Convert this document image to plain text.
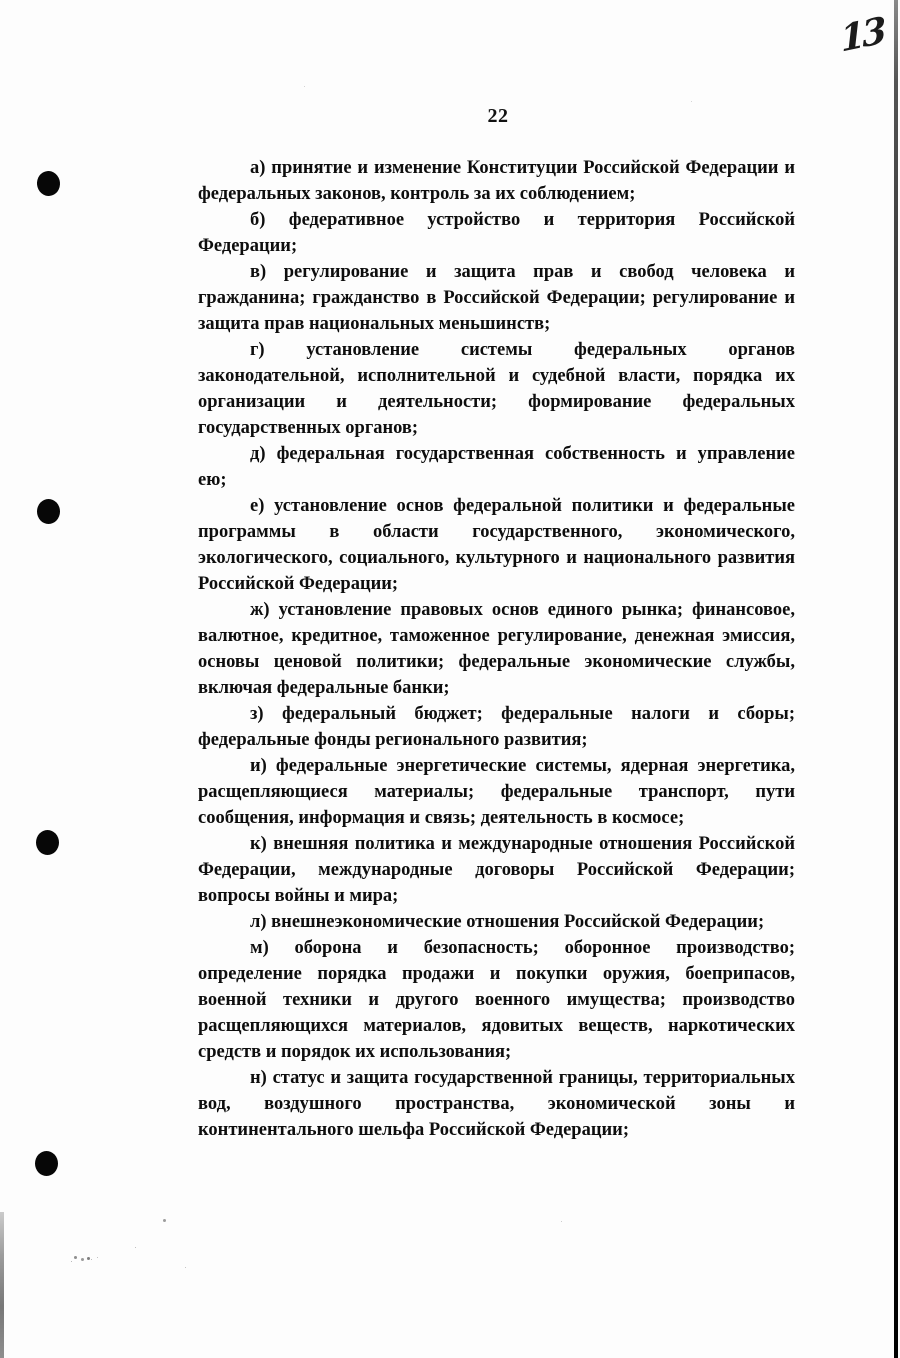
13
22

а) принятие и изменение Конституции Российской Федерации и федеральных законов, контроль за их соблюдением;

б) федеративное устройство и территория Российской Федерации;

в) регулирование и защита прав и свобод человека и гражданина; гражданство в Российской Федерации; регулирование и защита прав национальных меньшинств;

г) установление системы федеральных органов законодательной, исполнительной и судебной власти, порядка их организации и деятельности; формирование федеральных государственных органов;

д) федеральная государственная собственность и управление ею;

е) установление основ федеральной политики и федеральные программы в области государственного, экономического, экологического, социального, культурного и национального развития Российской Федерации;

ж) установление правовых основ единого рынка; финансовое, валютное, кредитное, таможенное регулирование, денежная эмиссия, основы ценовой политики; федеральные экономические службы, включая федеральные банки;

з) федеральный бюджет; федеральные налоги и сборы; федеральные фонды регионального развития;

и) федеральные энергетические системы, ядерная энергетика, расщепляющиеся материалы; федеральные транспорт, пути сообщения, информация и связь; деятельность в космосе;

к) внешняя политика и международные отношения Российской Федерации, международные договоры Российской Федерации; вопросы войны и мира;

л) внешнеэкономические отношения Российской Федерации;

м) оборона и безопасность; оборонное производство; определение порядка продажи и покупки оружия, боеприпасов, военной техники и другого военного имущества; производство расщепляющихся материалов, ядовитых веществ, наркотических средств и порядок их использования;

н) статус и защита государственной границы, территориальных вод, воздушного пространства, экономической зоны и континентального шельфа Российской Федерации;
